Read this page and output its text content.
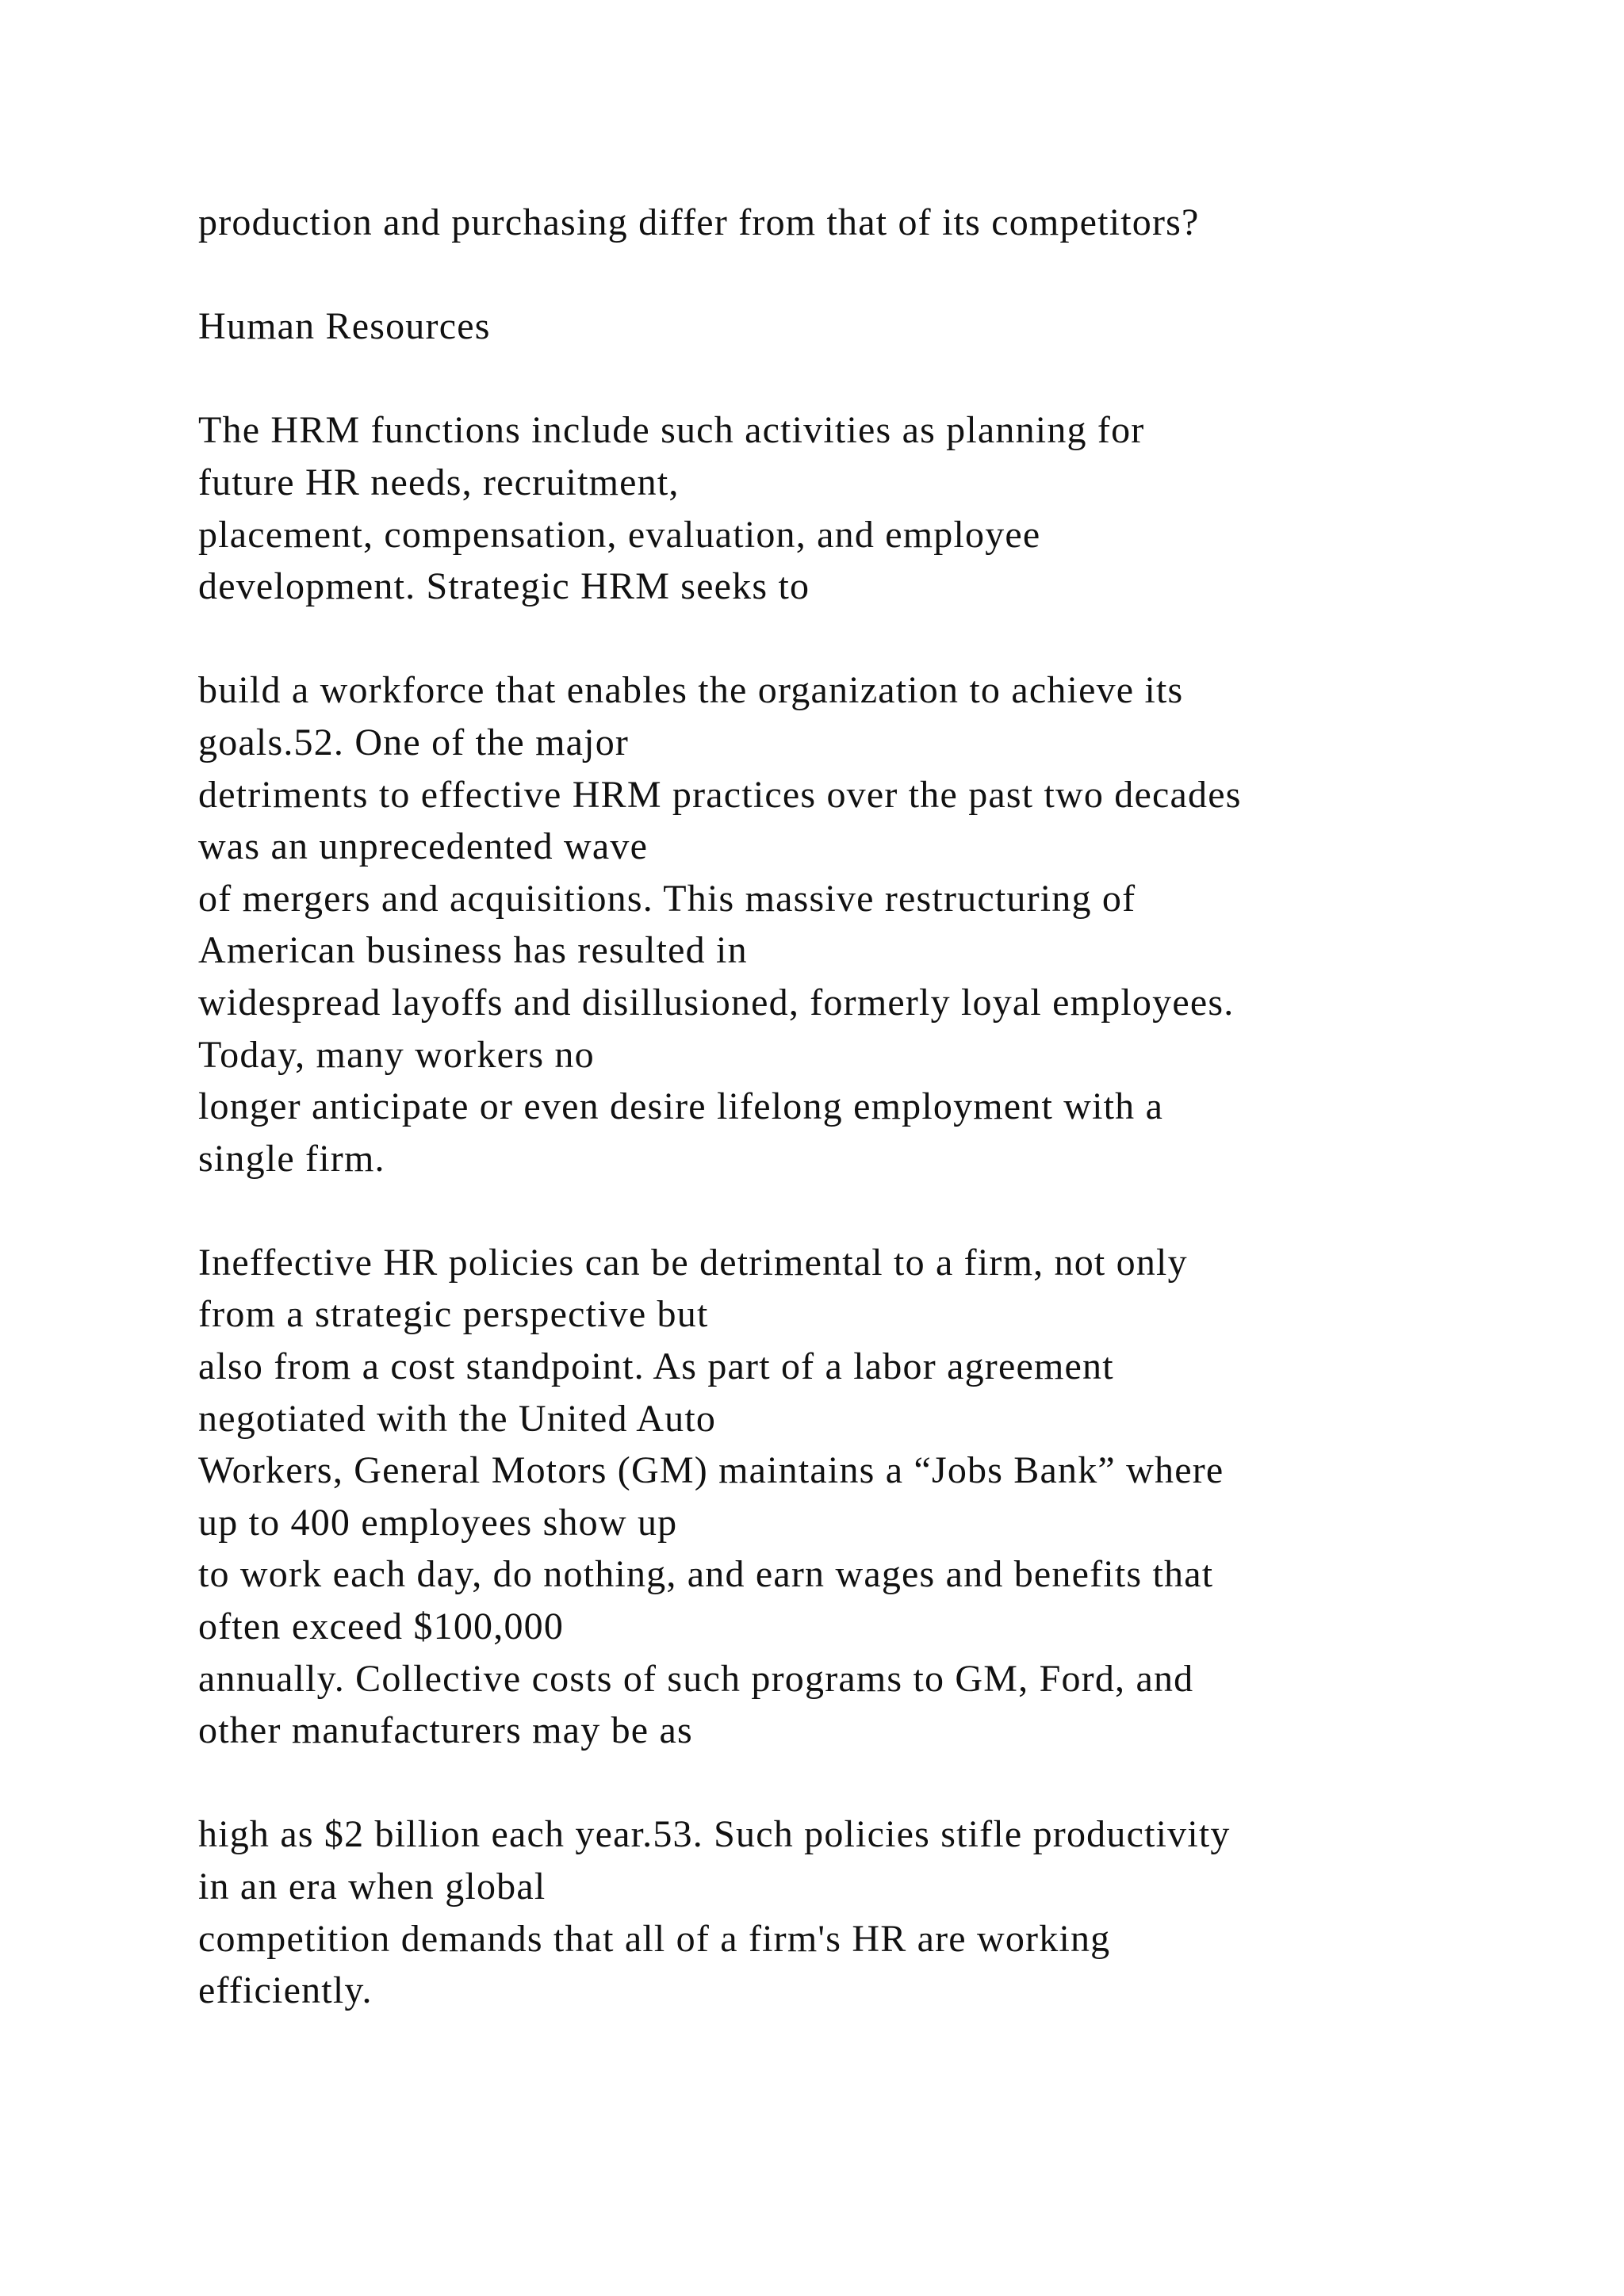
production and purchasing differ from that of its competitors?
Human Resources
The HRM functions include such activities as planning for
future HR needs, recruitment,
placement, compensation, evaluation, and employee
development. Strategic HRM seeks to
build a workforce that enables the organization to achieve its
goals.52. One of the major
detriments to effective HRM practices over the past two decades
was an unprecedented wave
of mergers and acquisitions. This massive restructuring of
American business has resulted in
widespread layoffs and disillusioned, formerly loyal employees.
Today, many workers no
longer anticipate or even desire lifelong employment with a
single firm.
Ineffective HR policies can be detrimental to a firm, not only
from a strategic perspective but
also from a cost standpoint. As part of a labor agreement
negotiated with the United Auto
Workers, General Motors (GM) maintains a “Jobs Bank” where
up to 400 employees show up
to work each day, do nothing, and earn wages and benefits that
often exceed $100,000
annually. Collective costs of such programs to GM, Ford, and
other manufacturers may be as
high as $2 billion each year.53. Such policies stifle productivity
in an era when global
competition demands that all of a firm's HR are working
efficiently.
